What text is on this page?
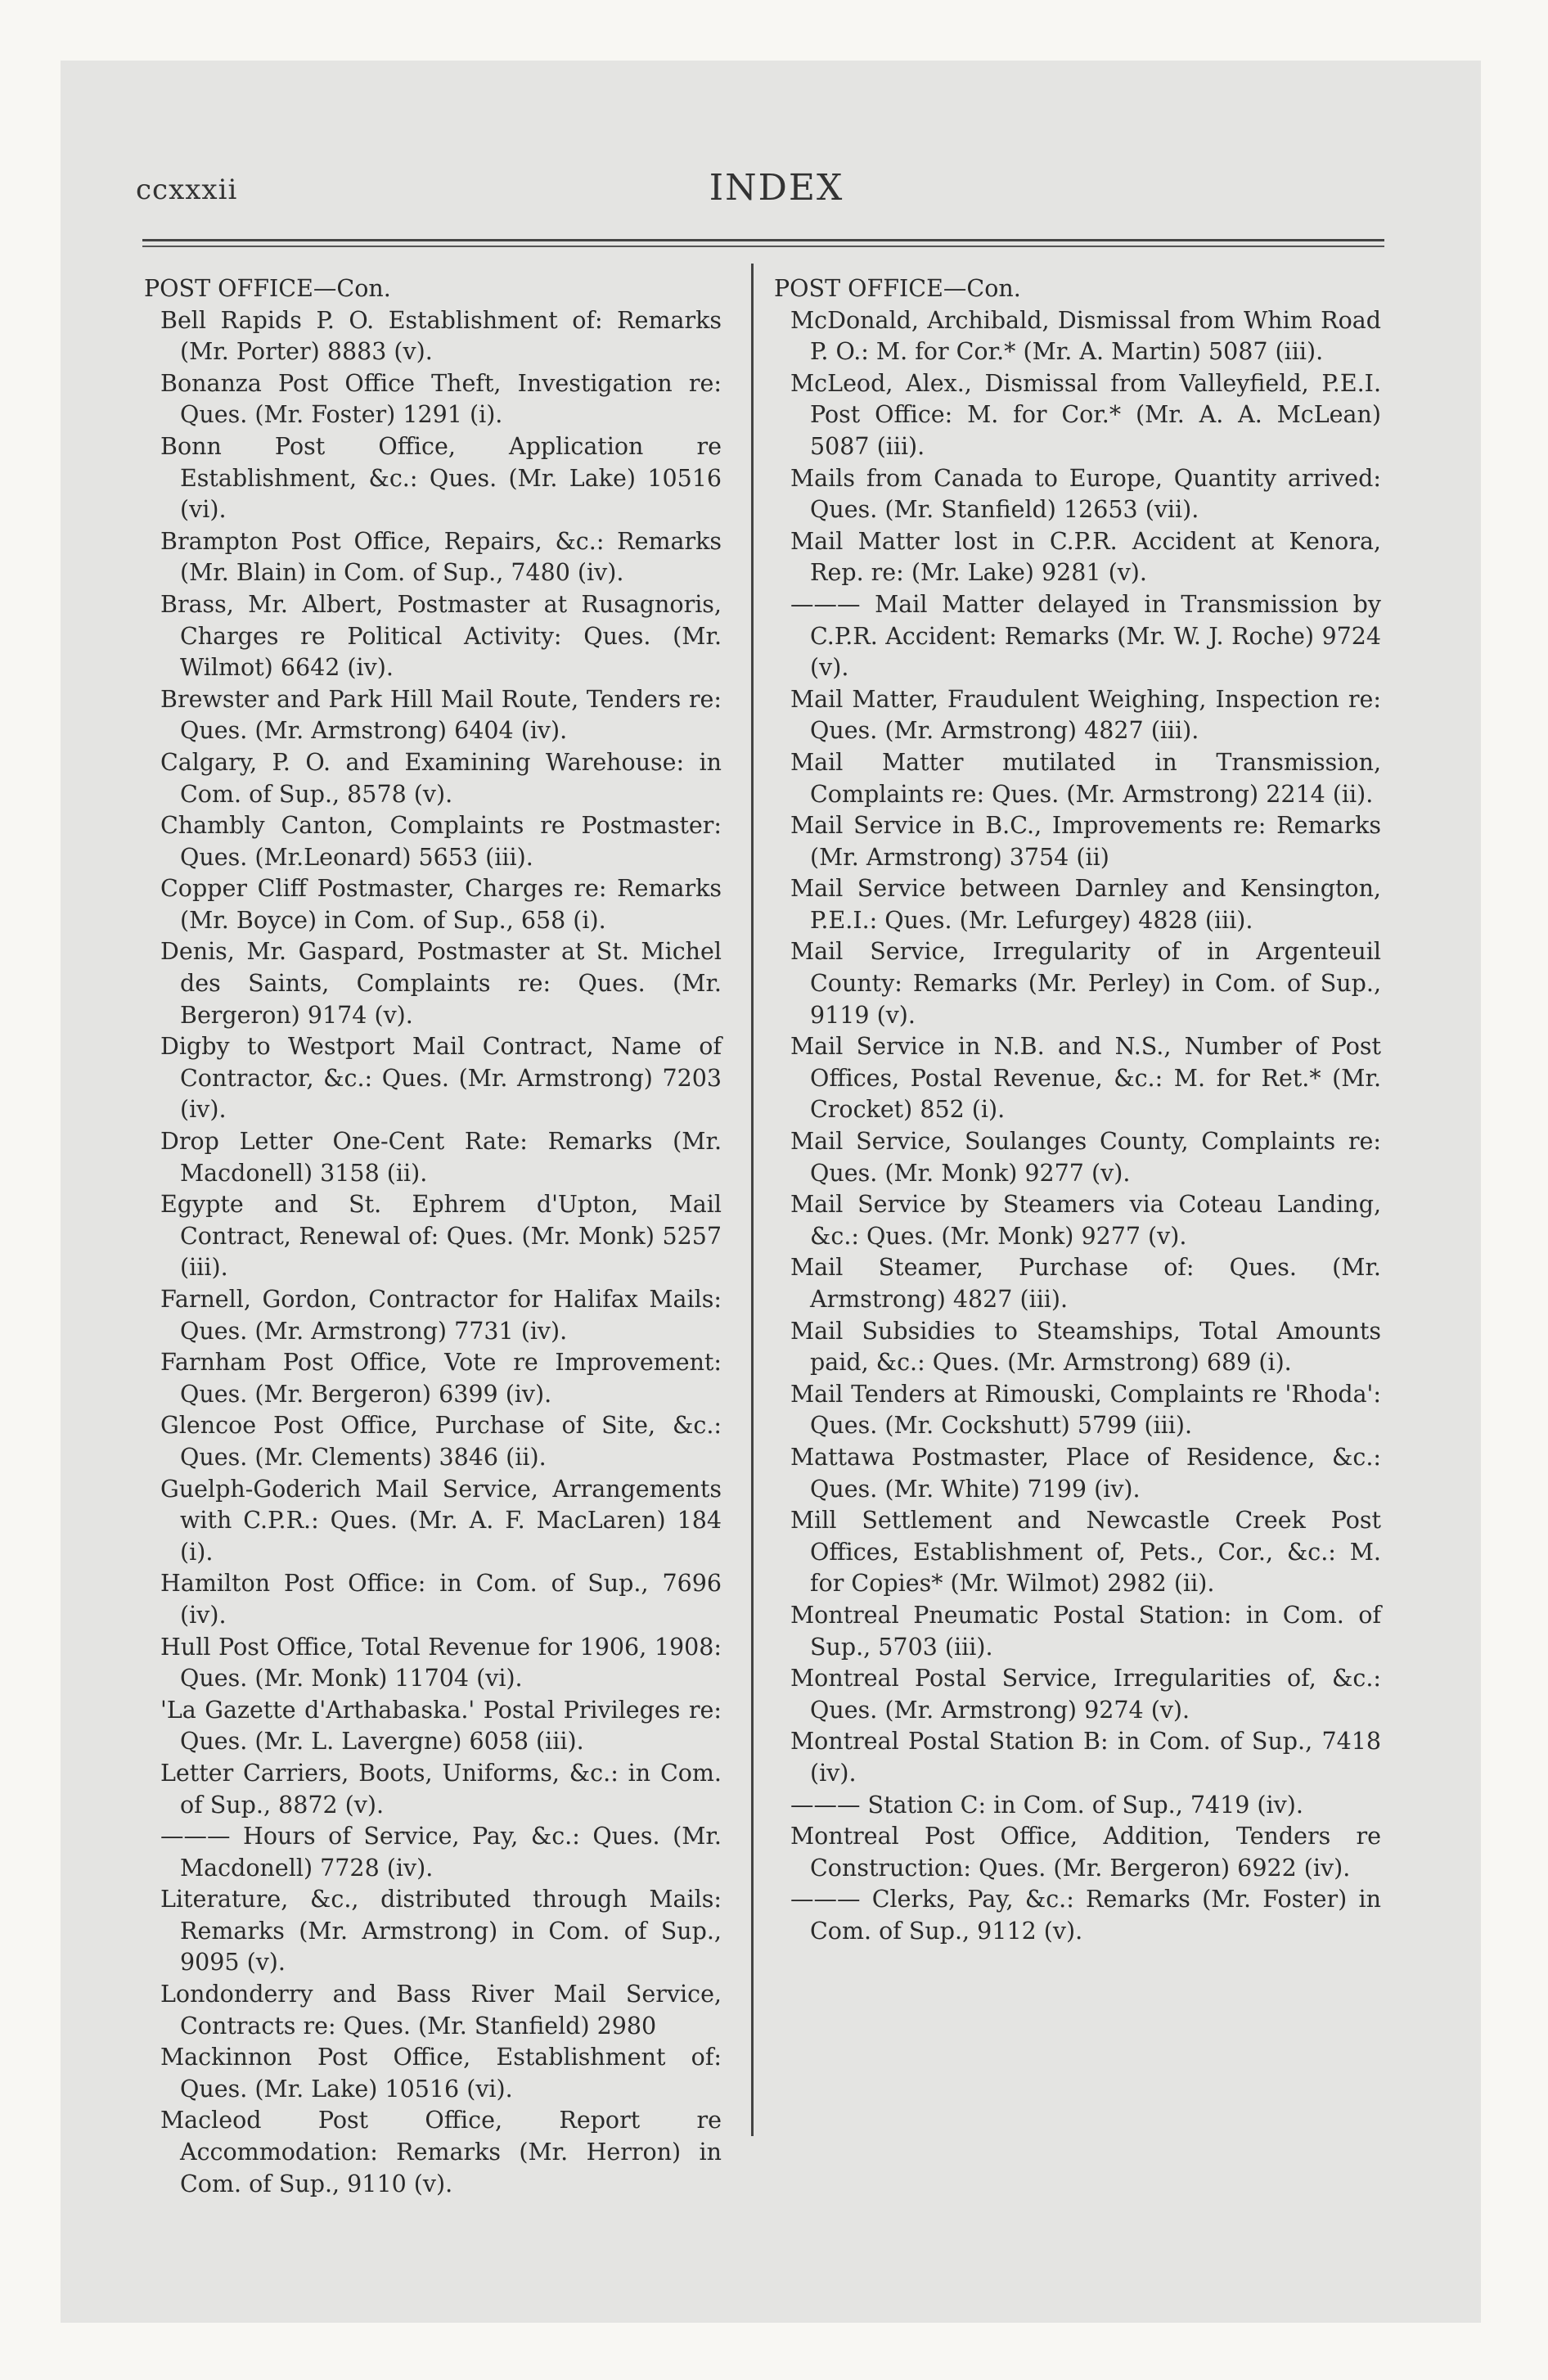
ccxxxii	INDEX
POST OFFICE—Con.
Bell Rapids P. O. Establishment of: Remarks (Mr. Porter) 8883 (v).
Bonanza Post Office Theft, Investigation re: Ques. (Mr. Foster) 1291 (i).
Bonn Post Office, Application re Establishment, &c.: Ques. (Mr. Lake) 10516 (vi).
Brampton Post Office, Repairs, &c.: Remarks (Mr. Blain) in Com. of Sup., 7480 (iv).
Brass, Mr. Albert, Postmaster at Rusagnoris, Charges re Political Activity: Ques. (Mr. Wilmot) 6642 (iv).
Brewster and Park Hill Mail Route, Tenders re: Ques. (Mr. Armstrong) 6404 (iv).
Calgary, P. O. and Examining Warehouse: in Com. of Sup., 8578 (v).
Chambly Canton, Complaints re Postmaster: Ques. (Mr.Leonard) 5653 (iii).
Copper Cliff Postmaster, Charges re: Remarks (Mr. Boyce) in Com. of Sup., 658 (i).
Denis, Mr. Gaspard, Postmaster at St. Michel des Saints, Complaints re: Ques. (Mr. Bergeron) 9174 (v).
Digby to Westport Mail Contract, Name of Contractor, &c.: Ques. (Mr. Armstrong) 7203 (iv).
Drop Letter One-Cent Rate: Remarks (Mr. Macdonell) 3158 (ii).
Egypte and St. Ephrem d'Upton, Mail Contract, Renewal of: Ques. (Mr. Monk) 5257 (iii).
Farnell, Gordon, Contractor for Halifax Mails: Ques. (Mr. Armstrong) 7731 (iv).
Farnham Post Office, Vote re Improvement: Ques. (Mr. Bergeron) 6399 (iv).
Glencoe Post Office, Purchase of Site, &c.: Ques. (Mr. Clements) 3846 (ii).
Guelph-Goderich Mail Service, Arrangements with C.P.R.: Ques. (Mr. A. F. MacLaren) 184 (i).
Hamilton Post Office: in Com. of Sup., 7696 (iv).
Hull Post Office, Total Revenue for 1906, 1908: Ques. (Mr. Monk) 11704 (vi).
'La Gazette d'Arthabaska.' Postal Privileges re: Ques. (Mr. L. Lavergne) 6058 (iii).
Letter Carriers, Boots, Uniforms, &c.: in Com. of Sup., 8872 (v).
——— Hours of Service, Pay, &c.: Ques. (Mr. Macdonell) 7728 (iv).
Literature, &c., distributed through Mails: Remarks (Mr. Armstrong) in Com. of Sup., 9095 (v).
Londonderry and Bass River Mail Service, Contracts re: Ques. (Mr. Stanfield) 2980
Mackinnon Post Office, Establishment of: Ques. (Mr. Lake) 10516 (vi).
Macleod Post Office, Report re Accommodation: Remarks (Mr. Herron) in Com. of Sup., 9110 (v).
POST OFFICE—Con.
McDonald, Archibald, Dismissal from Whim Road P. O.: M. for Cor.* (Mr. A. Martin) 5087 (iii).
McLeod, Alex., Dismissal from Valleyfield, P.E.I. Post Office: M. for Cor.* (Mr. A. A. McLean) 5087 (iii).
Mails from Canada to Europe, Quantity arrived: Ques. (Mr. Stanfield) 12653 (vii).
Mail Matter lost in C.P.R. Accident at Kenora, Rep. re: (Mr. Lake) 9281 (v).
——— Mail Matter delayed in Transmission by C.P.R. Accident: Remarks (Mr. W. J. Roche) 9724 (v).
Mail Matter, Fraudulent Weighing, Inspection re: Ques. (Mr. Armstrong) 4827 (iii).
Mail Matter mutilated in Transmission, Complaints re: Ques. (Mr. Armstrong) 2214 (ii).
Mail Service in B.C., Improvements re: Remarks (Mr. Armstrong) 3754 (ii)
Mail Service between Darnley and Kensington, P.E.I.: Ques. (Mr. Lefurgey) 4828 (iii).
Mail Service, Irregularity of in Argenteuil County: Remarks (Mr. Perley) in Com. of Sup., 9119 (v).
Mail Service in N.B. and N.S., Number of Post Offices, Postal Revenue, &c.: M. for Ret.* (Mr. Crocket) 852 (i).
Mail Service, Soulanges County, Complaints re: Ques. (Mr. Monk) 9277 (v).
Mail Service by Steamers via Coteau Landing, &c.: Ques. (Mr. Monk) 9277 (v).
Mail Steamer, Purchase of: Ques. (Mr. Armstrong) 4827 (iii).
Mail Subsidies to Steamships, Total Amounts paid, &c.: Ques. (Mr. Armstrong) 689 (i).
Mail Tenders at Rimouski, Complaints re 'Rhoda': Ques. (Mr. Cockshutt) 5799 (iii).
Mattawa Postmaster, Place of Residence, &c.: Ques. (Mr. White) 7199 (iv).
Mill Settlement and Newcastle Creek Post Offices, Establishment of, Pets., Cor., &c.: M. for Copies* (Mr. Wilmot) 2982 (ii).
Montreal Pneumatic Postal Station: in Com. of Sup., 5703 (iii).
Montreal Postal Service, Irregularities of, &c.: Ques. (Mr. Armstrong) 9274 (v).
Montreal Postal Station B: in Com. of Sup., 7418 (iv).
——— Station C: in Com. of Sup., 7419 (iv).
Montreal Post Office, Addition, Tenders re Construction: Ques. (Mr. Bergeron) 6922 (iv).
——— Clerks, Pay, &c.: Remarks (Mr. Foster) in Com. of Sup., 9112 (v).
